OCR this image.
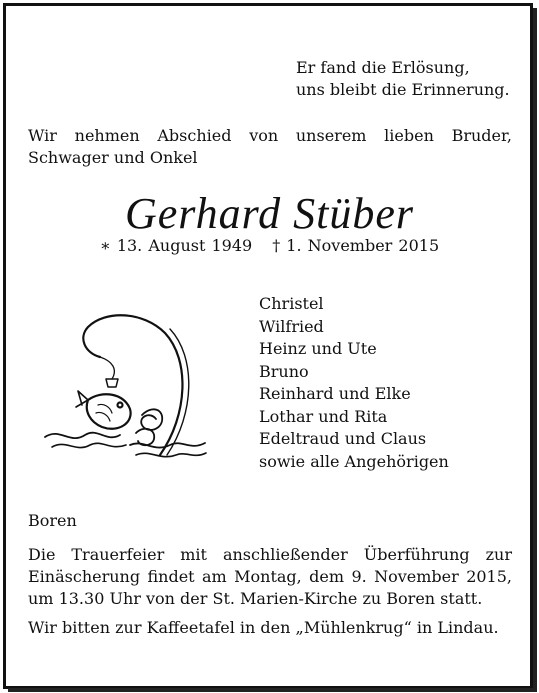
Er fand die Erlösung,
uns bleibt die Erinnerung.
Wir nehmen Abschied von unserem lieben Bruder, Schwager und Onkel
Gerhard Stüber
∗ 13. August 1949 † 1. November 2015
Christel
Wilfried
Heinz und Ute
Bruno
Reinhard und Elke
Lothar und Rita
Edeltraud und Claus
sowie alle Angehörigen
Boren
Die Trauerfeier mit anschließender Überführung zur Einäscherung findet am Montag, dem 9. November 2015, um 13.30 Uhr von der St. Marien-Kirche zu Boren statt.
Wir bitten zur Kaffeetafel in den „Mühlenkrug“ in Lindau.
